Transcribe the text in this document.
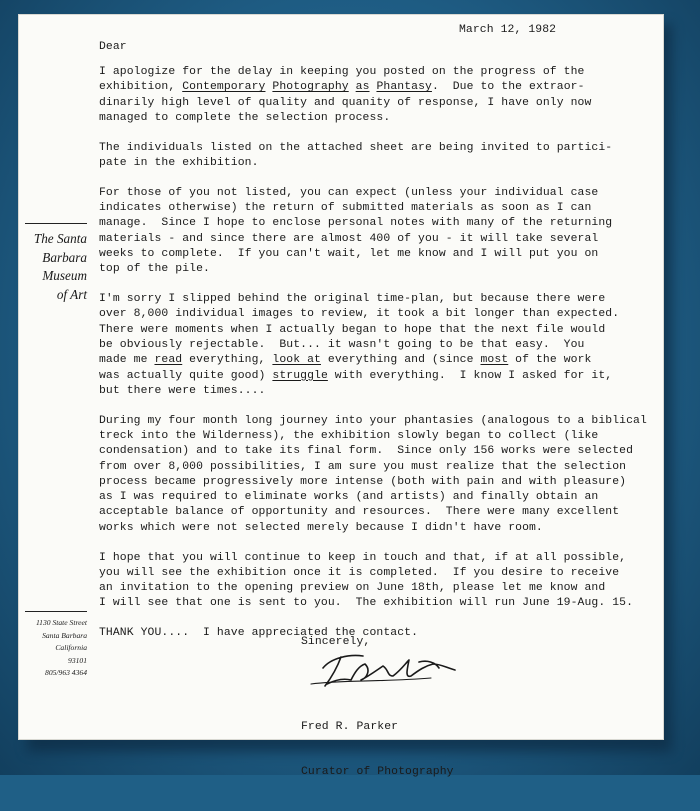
March 12, 1982
Dear

I apologize for the delay in keeping you posted on the progress of the
exhibition, Contemporary Photography as Phantasy.  Due to the extraor-
dinarily high level of quality and quanity of response, I have only now
managed to complete the selection process.

The individuals listed on the attached sheet are being invited to partici-
pate in the exhibition.

For those of you not listed, you can expect (unless your individual case
indicates otherwise) the return of submitted materials as soon as I can
manage.  Since I hope to enclose personal notes with many of the returning
materials - and since there are almost 400 of you - it will take several
weeks to complete.  If you can't wait, let me know and I will put you on
top of the pile.

I'm sorry I slipped behind the original time-plan, but because there were
over 8,000 individual images to review, it took a bit longer than expected.
There were moments when I actually began to hope that the next file would
be obviously rejectable.  But... it wasn't going to be that easy.  You
made me read everything, look at everything and (since most of the work
was actually quite good) struggle with everything.  I know I asked for it,
but there were times....

During my four month long journey into your phantasies (analogous to a biblical
treck into the Wilderness), the exhibition slowly began to collect (like
condensation) and to take its final form.  Since only 156 works were selected
from over 8,000 possibilities, I am sure you must realize that the selection
process became progressively more intense (both with pain and with pleasure)
as I was required to eliminate works (and artists) and finally obtain an
acceptable balance of opportunity and resources.  There were many excellent
works which were not selected merely because I didn't have room.

I hope that you will continue to keep in touch and that, if at all possible,
you will see the exhibition once it is completed.  If you desire to receive
an invitation to the opening preview on June 18th, please let me know and
I will see that one is sent to you.  The exhibition will run June 19-Aug. 15.

THANK YOU....  I have appreciated the contact.

The Santa
Barbara
Museum
of Art
1130 State Street
Santa Barbara
California
93101
805/963 4364
Sincerely,

Fred R. Parker

Curator of Photography
